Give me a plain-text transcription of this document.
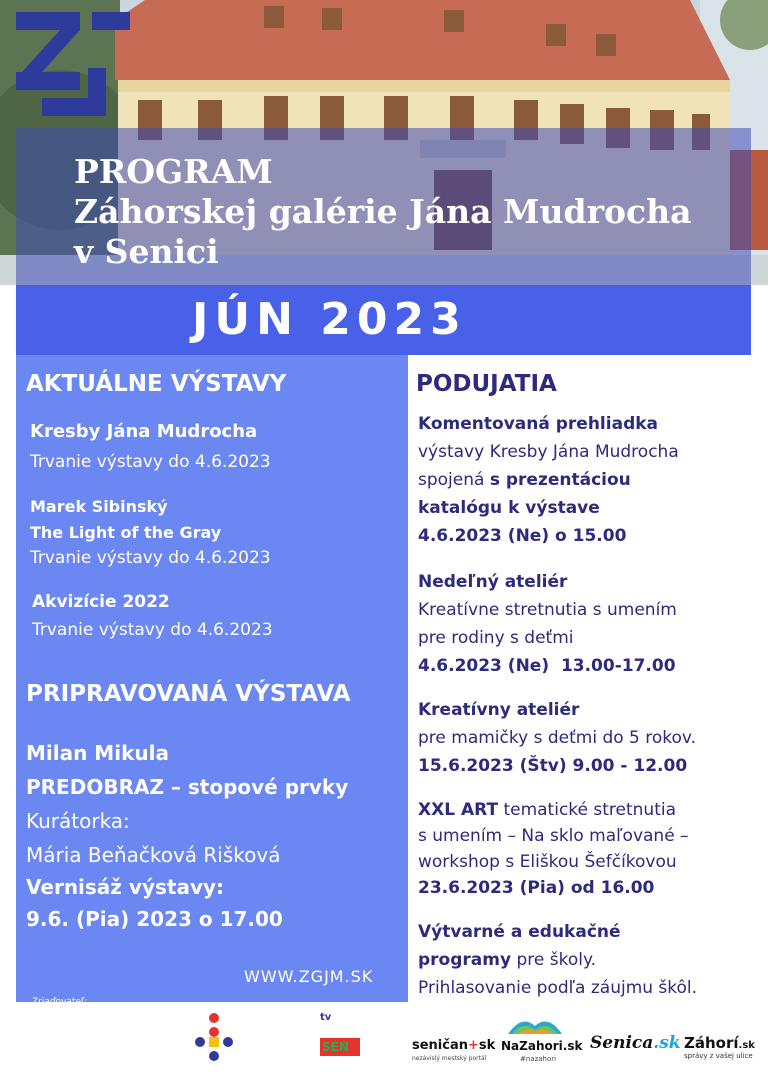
PROGRAM
Záhorskej galérie Jána Mudrocha
v Senici
JÚN 2023
AKTUÁLNE VÝSTAVY
Kresby Jána Mudrocha
Trvanie výstavy do 4.6.2023
Marek Sibinský
The Light of the Gray
Trvanie výstavy do 4.6.2023
Akvizície 2022
Trvanie výstavy do 4.6.2023
PRIPRAVOVANÁ VÝSTAVA
Milan Mikula
PREDOBRAZ – stopové prvky
Kurátorka:
Mária Beňačková Rišková
Vernisáž výstavy:
9.6. (Pia) 2023 o 17.00
WWW.ZGJM.SK
Zriaďovateľ:
TT
SK
TRNAVSKÝ
SAMOSPRÁVNY
KRAJ
MESTO
SENICA
tv
SEN
PODUJATIA
Komentovaná prehliadka
výstavy Kresby Jána Mudrocha
spojená s prezentáciou
katalógu k výstave
4.6.2023 (Ne) o 15.00
Nedeľný ateliér
Kreatívne stretnutia s umením
pre rodiny s deťmi
4.6.2023 (Ne)  13.00-17.00
Kreatívny ateliér
pre mamičky s deťmi do 5 rokov.
15.6.2023 (Štv) 9.00 - 12.00
XXL ART tematické stretnutia
s umením – Na sklo maľované –
workshop s Eliškou Šefčíkovou
23.6.2023 (Pia) od 16.00
Výtvarné a edukačné
programy pre školy.
Prihlasovanie podľa záujmu škôl.
seničan+sk
nezávislý mestský portál
NaZahori.sk
#nazahori
Senica.sk Záhorí.sk
správy z vašej ulice
